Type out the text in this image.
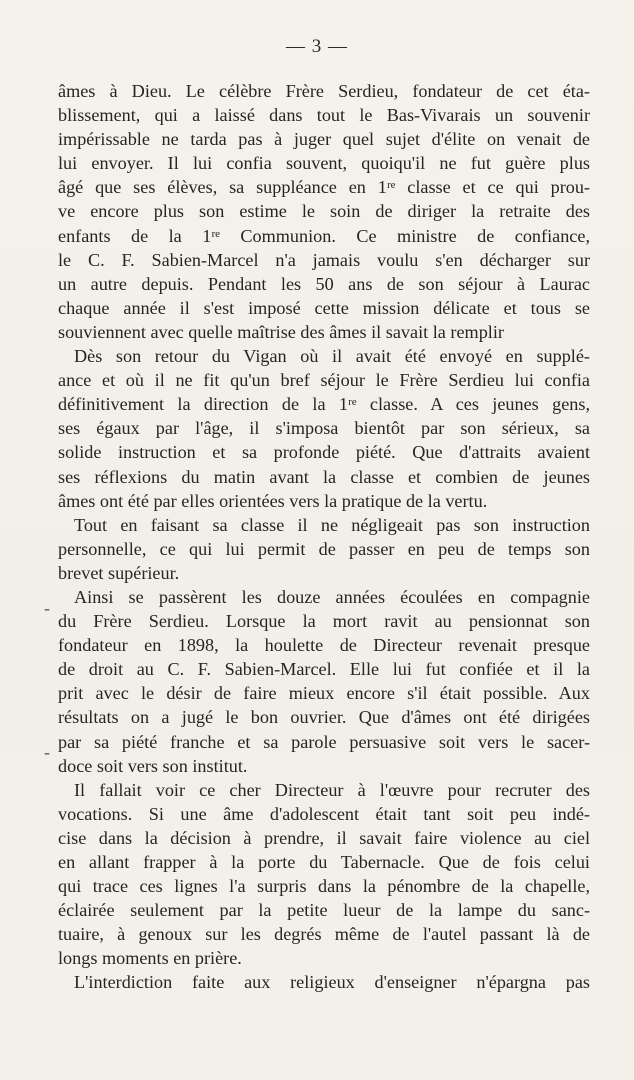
— 3 —
-
-
âmes à Dieu. Le célèbre Frère Serdieu, fondateur de cet éta-
blissement, qui a laissé dans tout le Bas-Vivarais un souvenir
impérissable ne tarda pas à juger quel sujet d'élite on venait de
lui envoyer. Il lui confia souvent, quoiqu'il ne fut guère plus
âgé que ses élèves, sa suppléance en 1ʳᵉ classe et ce qui prou-
ve encore plus son estime le soin de diriger la retraite des
enfants de la 1ʳᵉ Communion. Ce ministre de confiance,
le C. F. Sabien-Marcel n'a jamais voulu s'en décharger sur
un autre depuis. Pendant les 50 ans de son séjour à Laurac
chaque année il s'est imposé cette mission délicate et tous se
souviennent avec quelle maîtrise des âmes il savait la remplir
Dès son retour du Vigan où il avait été envoyé en supplé-
ance et où il ne fit qu'un bref séjour le Frère Serdieu lui confia
définitivement la direction de la 1ʳᵉ classe. A ces jeunes gens,
ses égaux par l'âge, il s'imposa bientôt par son sérieux, sa
solide instruction et sa profonde piété. Que d'attraits avaient
ses réflexions du matin avant la classe et combien de jeunes
âmes ont été par elles orientées vers la pratique de la vertu.
Tout en faisant sa classe il ne négligeait pas son instruction
personnelle, ce qui lui permit de passer en peu de temps son
brevet supérieur.
Ainsi se passèrent les douze années écoulées en compagnie
du Frère Serdieu. Lorsque la mort ravit au pensionnat son
fondateur en 1898, la houlette de Directeur revenait presque
de droit au C. F. Sabien-Marcel. Elle lui fut confiée et il la
prit avec le désir de faire mieux encore s'il était possible. Aux
résultats on a jugé le bon ouvrier. Que d'âmes ont été dirigées
par sa piété franche et sa parole persuasive soit vers le sacer-
doce soit vers son institut.
Il fallait voir ce cher Directeur à l'œuvre pour recruter des
vocations. Si une âme d'adolescent était tant soit peu indé-
cise dans la décision à prendre, il savait faire violence au ciel
en allant frapper à la porte du Tabernacle. Que de fois celui
qui trace ces lignes l'a surpris dans la pénombre de la chapelle,
éclairée seulement par la petite lueur de la lampe du sanc-
tuaire, à genoux sur les degrés même de l'autel passant là de
longs moments en prière.
L'interdiction faite aux religieux d'enseigner n'épargna pas
